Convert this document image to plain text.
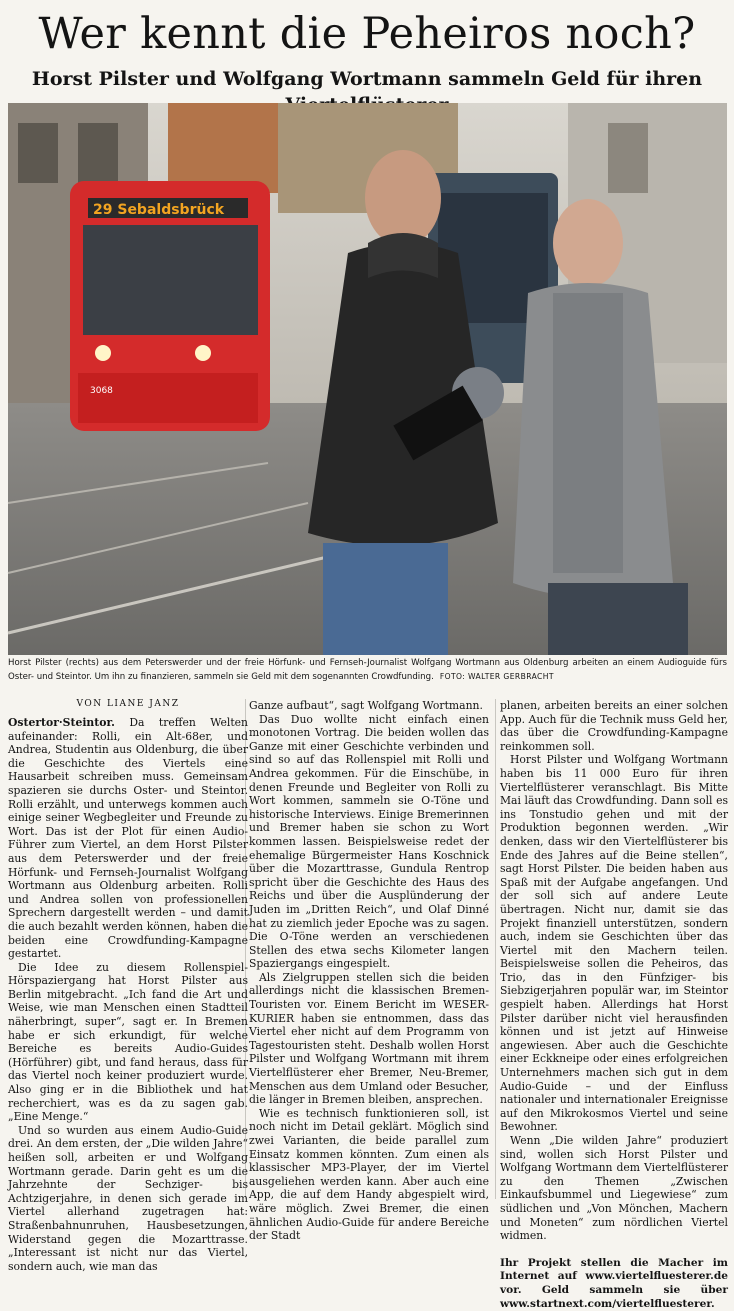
Wer kennt die Peheiros noch?
Horst Pilster und Wolfgang Wortmann sammeln Geld für ihren
29 Sebaldsbrück
3068

Horst Pilster (rechts) aus dem Peterswerder und der freie Hörfunk- und Fernseh-Journalist Wolfgang Wortmann aus Oldenburg arbeiten an einem Audioguide fürs Oster- und Steintor. Um ihn zu finanzieren, sammeln sie Geld mit dem sogenannten Crowdfunding. FOTO: WALTER GERBRACHT

VON LIANE JANZ

Ostertor·Steintor. Da treffen Welten aufeinander: Rolli, ein Alt-68er, und Andrea, Studentin aus Oldenburg, die über die Geschichte des Viertels eine Hausarbeit schreiben muss. Gemeinsam spazieren sie durchs Oster- und Steintor. Rolli erzählt, und unterwegs kommen auch einige seiner Wegbegleiter und Freunde zu Wort. Das ist der Plot für einen Audio-Führer zum Viertel, an dem Horst Pilster aus dem Peterswerder und der freie Hörfunk- und Fernseh-Journalist Wolfgang Wortmann aus Oldenburg arbeiten. Rolli und Andrea sollen von professionellen Sprechern dargestellt werden – und damit die auch bezahlt werden können, haben die beiden eine Crowdfunding-Kampagne gestartet.

Die Idee zu diesem Rollenspiel-Hörspaziergang hat Horst Pilster aus Berlin mitgebracht. „Ich fand die Art und Weise, wie man Menschen einen Stadtteil näherbringt, super“, sagt er. In Bremen habe er sich erkundigt, für welche Bereiche es bereits Audio-Guides (Hörführer) gibt, und fand heraus, dass für das Viertel noch keiner produziert wurde. Also ging er in die Bibliothek und hat recherchiert, was es da zu sagen gab. „Eine Menge.“

Und so wurden aus einem Audio-Guide drei. An dem ersten, der „Die wilden Jahre“ heißen soll, arbeiten er und Wolfgang Wortmann gerade. Darin geht es um die Jahrzehnte der Sechziger- bis Achtzigerjahre, in denen sich gerade im Viertel allerhand zugetragen hat: Straßenbahnunruhen, Hausbesetzungen, Widerstand gegen die Mozarttrasse. „Interessant ist nicht nur das Viertel, sondern auch, wie man das

Ganze aufbaut“, sagt Wolfgang Wortmann.

Das Duo wollte nicht einfach einen monotonen Vortrag. Die beiden wollen das Ganze mit einer Geschichte verbinden und sind so auf das Rollenspiel mit Rolli und Andrea gekommen. Für die Einschübe, in denen Freunde und Begleiter von Rolli zu Wort kommen, sammeln sie O-Töne und historische Interviews. Einige Bremerinnen und Bremer haben sie schon zu Wort kommen lassen. Beispielsweise redet der ehemalige Bürgermeister Hans Koschnick über die Mozarttrasse, Gundula Rentrop spricht über die Geschichte des Haus des Reichs und über die Ausplünderung der Juden im „Dritten Reich“, und Olaf Dinné hat zu ziemlich jeder Epoche was zu sagen. Die O-Töne werden an verschiedenen Stellen des etwa sechs Kilometer langen Spaziergangs eingespielt.

Als Zielgruppen stellen sich die beiden allerdings nicht die klassischen Bremen-Touristen vor. Einem Bericht im WESER-KURIER haben sie entnommen, dass das Viertel eher nicht auf dem Programm von Tagestouristen steht. Deshalb wollen Horst Pilster und Wolfgang Wortmann mit ihrem Viertelflüsterer eher Bremer, Neu-Bremer, Menschen aus dem Umland oder Besucher, die länger in Bremen bleiben, ansprechen.

Wie es technisch funktionieren soll, ist noch nicht im Detail geklärt. Möglich sind zwei Varianten, die beide parallel zum Einsatz kommen könnten. Zum einen als klassischer MP3-Player, der im Viertel ausgeliehen werden kann. Aber auch eine App, die auf dem Handy abgespielt wird, wäre möglich. Zwei Bremer, die einen ähnlichen Audio-Guide für andere Bereiche der Stadt

planen, arbeiten bereits an einer solchen App. Auch für die Technik muss Geld her, das über die Crowdfunding-Kampagne reinkommen soll.

Horst Pilster und Wolfgang Wortmann haben bis 11 000 Euro für ihren Viertelflüsterer veranschlagt. Bis Mitte Mai läuft das Crowdfunding. Dann soll es ins Tonstudio gehen und mit der Produktion begonnen werden. „Wir denken, dass wir den Viertelflüsterer bis Ende des Jahres auf die Beine stellen“, sagt Horst Pilster. Die beiden haben aus Spaß mit der Aufgabe angefangen. Und der soll sich auf andere Leute übertragen. Nicht nur, damit sie das Projekt finanziell unterstützen, sondern auch, indem sie Geschichten über das Viertel mit den Machern teilen. Beispielsweise sollen die Peheiros, das Trio, das in den Fünfziger- bis Siebzigerjahren populär war, im Steintor gespielt haben. Allerdings hat Horst Pilster darüber nicht viel herausfinden können und ist jetzt auf Hinweise angewiesen. Aber auch die Geschichte einer Eckkneipe oder eines erfolgreichen Unternehmers machen sich gut in dem Audio-Guide – und der Einfluss nationaler und internationaler Ereignisse auf den Mikrokosmos Viertel und seine Bewohner.

Wenn „Die wilden Jahre“ produziert sind, wollen sich Horst Pilster und Wolfgang Wortmann dem Viertelflüsterer zu den Themen „Zwischen Einkaufsbummel und Liegewiese“ zum südlichen und „Von Mönchen, Machern und Moneten“ zum nördlichen Viertel widmen.

Ihr Projekt stellen die Macher im Internet auf www.viertelfluesterer.de vor. Geld sammeln sie über www.startnext.com/viertelfluesterer.
